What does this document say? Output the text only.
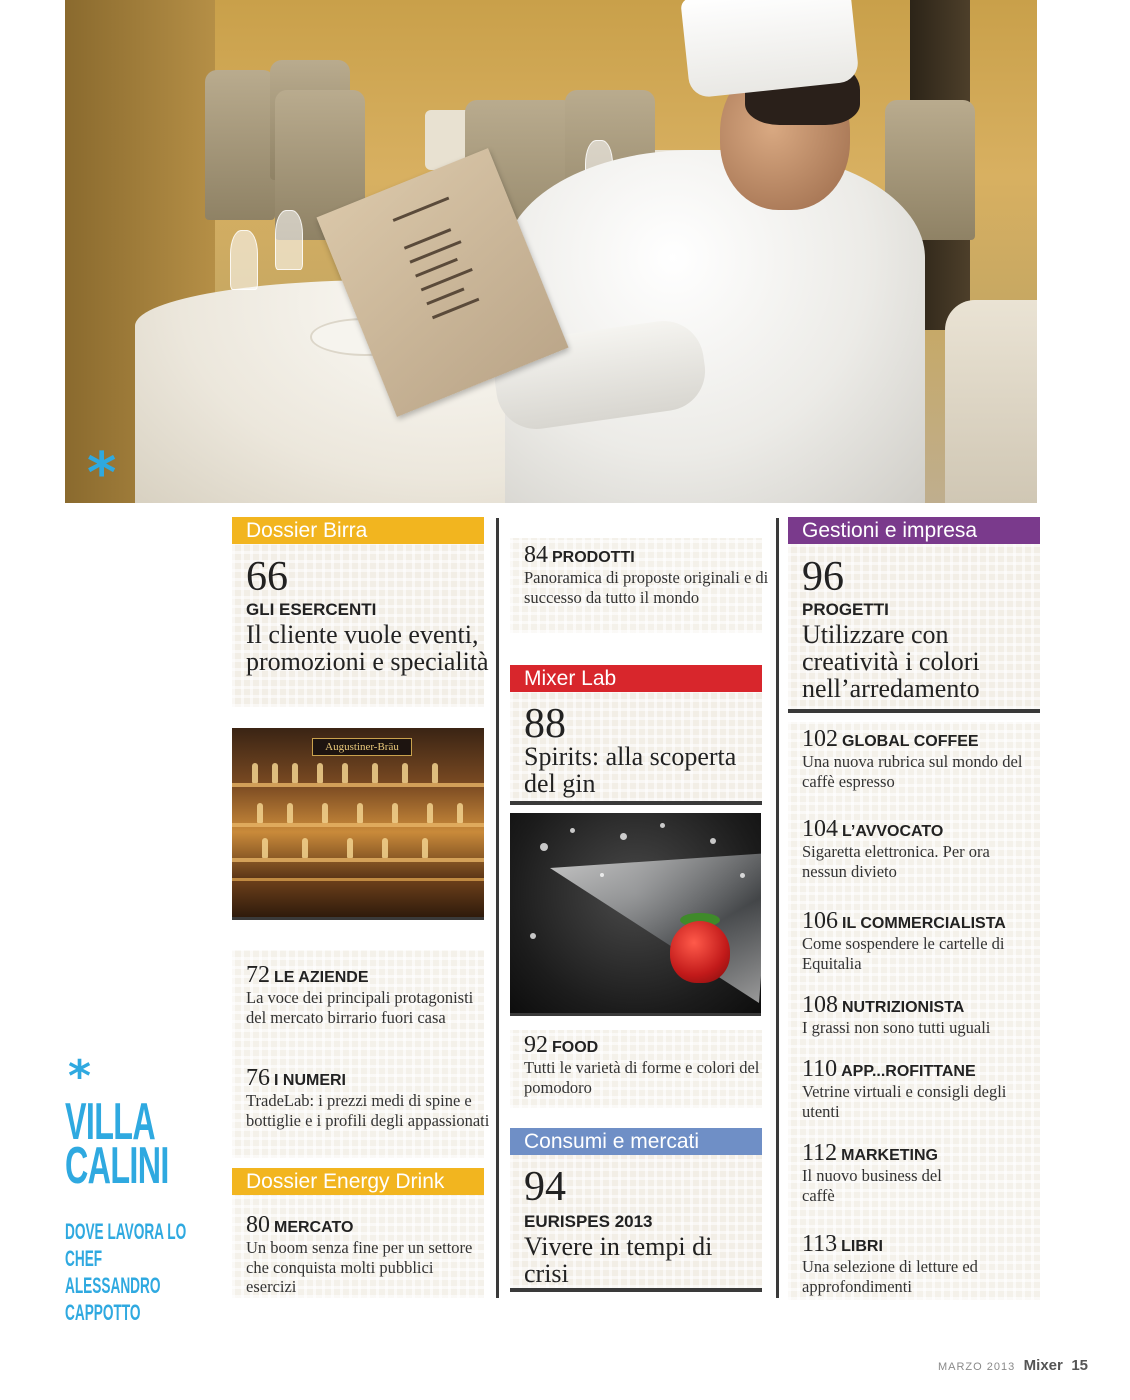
*
Dossier Birra
66
GLI ESERCENTI
Il cliente vuole eventi, promozioni e specialità
Augustiner-Bräu
72 LE AZIENDE
La voce dei principali protagonisti del mercato birrario fuori casa
76 I NUMERI
TradeLab: i prezzi medi di spine e bottiglie e i profili degli appassionati
Dossier Energy Drink
80 MERCATO
Un boom senza fine per un settore che conquista molti pubblici esercizi
84 PRODOTTI
Panoramica di proposte originali e di successo da tutto il mondo
Mixer Lab
88
Spirits: alla scoperta del gin
92 FOOD
Tutti le varietà di forme e colori del pomodoro
Consumi e mercati
94
EURISPES 2013
Vivere in tempi di crisi
Gestioni e impresa
96
PROGETTI
Utilizzare con creatività i colori nell’arredamento
102 GLOBAL COFFEE
Una nuova rubrica sul mondo del caffè espresso
104 L’AVVOCATO
Sigaretta elettronica. Per ora nessun divieto
106 IL COMMERCIALISTA
Come sospendere le cartelle di Equitalia
108 NUTRIZIONISTA
I grassi non sono tutti uguali
110 APP...ROFITTANE
Vetrine virtuali e consigli degli utenti
112 MARKETING
Il nuovo business del caffè
113 LIBRI
Una selezione di letture ed approfondimenti
*
VILLA CALINI
DOVE LAVORA LO CHEF ALESSANDRO CAPPOTTO
MARZO 2013 Mixer 15
